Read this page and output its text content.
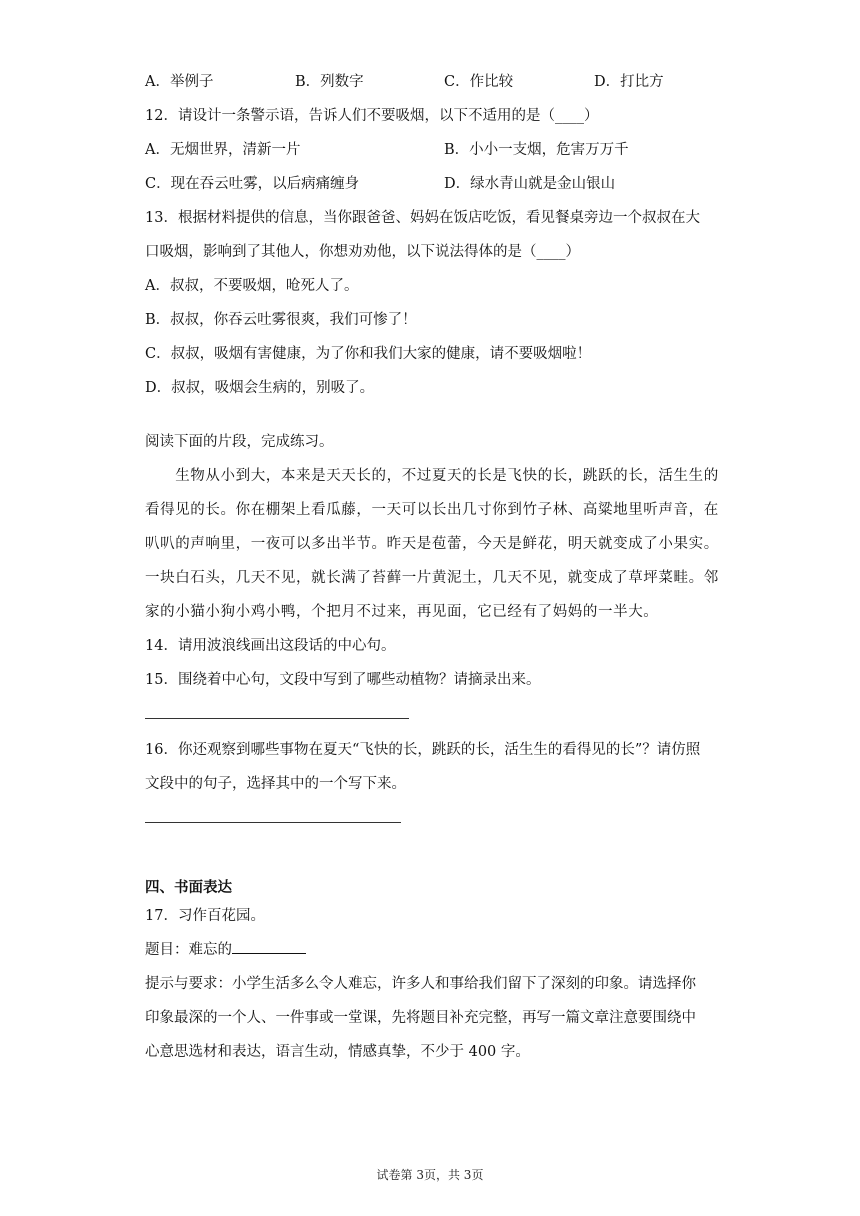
A．举例子	B．列数字	C．作比较	D．打比方
12．请设计一条警示语，告诉人们不要吸烟，以下不适用的是（____）
A．无烟世界，清新一片	B．小小一支烟，危害万万千
C．现在吞云吐雾，以后病痛缠身	D．绿水青山就是金山银山
13．根据材料提供的信息，当你跟爸爸、妈妈在饭店吃饭，看见餐桌旁边一个叔叔在大
口吸烟，影响到了其他人，你想劝劝他，以下说法得体的是（____）
A．叔叔，不要吸烟，呛死人了。
B．叔叔，你吞云吐雾很爽，我们可惨了！
C．叔叔，吸烟有害健康，为了你和我们大家的健康，请不要吸烟啦！
D．叔叔，吸烟会生病的，别吸了。
阅读下面的片段，完成练习。
　　生物从小到大，本来是天天长的，不过夏天的长是飞快的长，跳跃的长，活生生的
看得见的长。你在棚架上看瓜藤，一天可以长出几寸你到竹子林、高粱地里听声音，在
叭叭的声响里，一夜可以多出半节。昨天是苞蕾，今天是鲜花，明天就变成了小果实。
一块白石头，几天不见，就长满了苔藓一片黄泥土，几天不见，就变成了草坪菜畦。邻
家的小猫小狗小鸡小鸭，个把月不过来，再见面，它已经有了妈妈的一半大。
14．请用波浪线画出这段话的中心句。
15．围绕着中心句，文段中写到了哪些动植物？请摘录出来。
16．你还观察到哪些事物在夏天“飞快的长，跳跃的长，活生生的看得见的长”？请仿照
文段中的句子，选择其中的一个写下来。
四、书面表达
17．习作百花园。
题目：难忘的
提示与要求：小学生活多么令人难忘，许多人和事给我们留下了深刻的印象。请选择你
印象最深的一个人、一件事或一堂课，先将题目补充完整，再写一篇文章注意要围绕中
心意思选材和表达，语言生动，情感真挚，不少于 400 字。
试卷第 3页，共 3页
